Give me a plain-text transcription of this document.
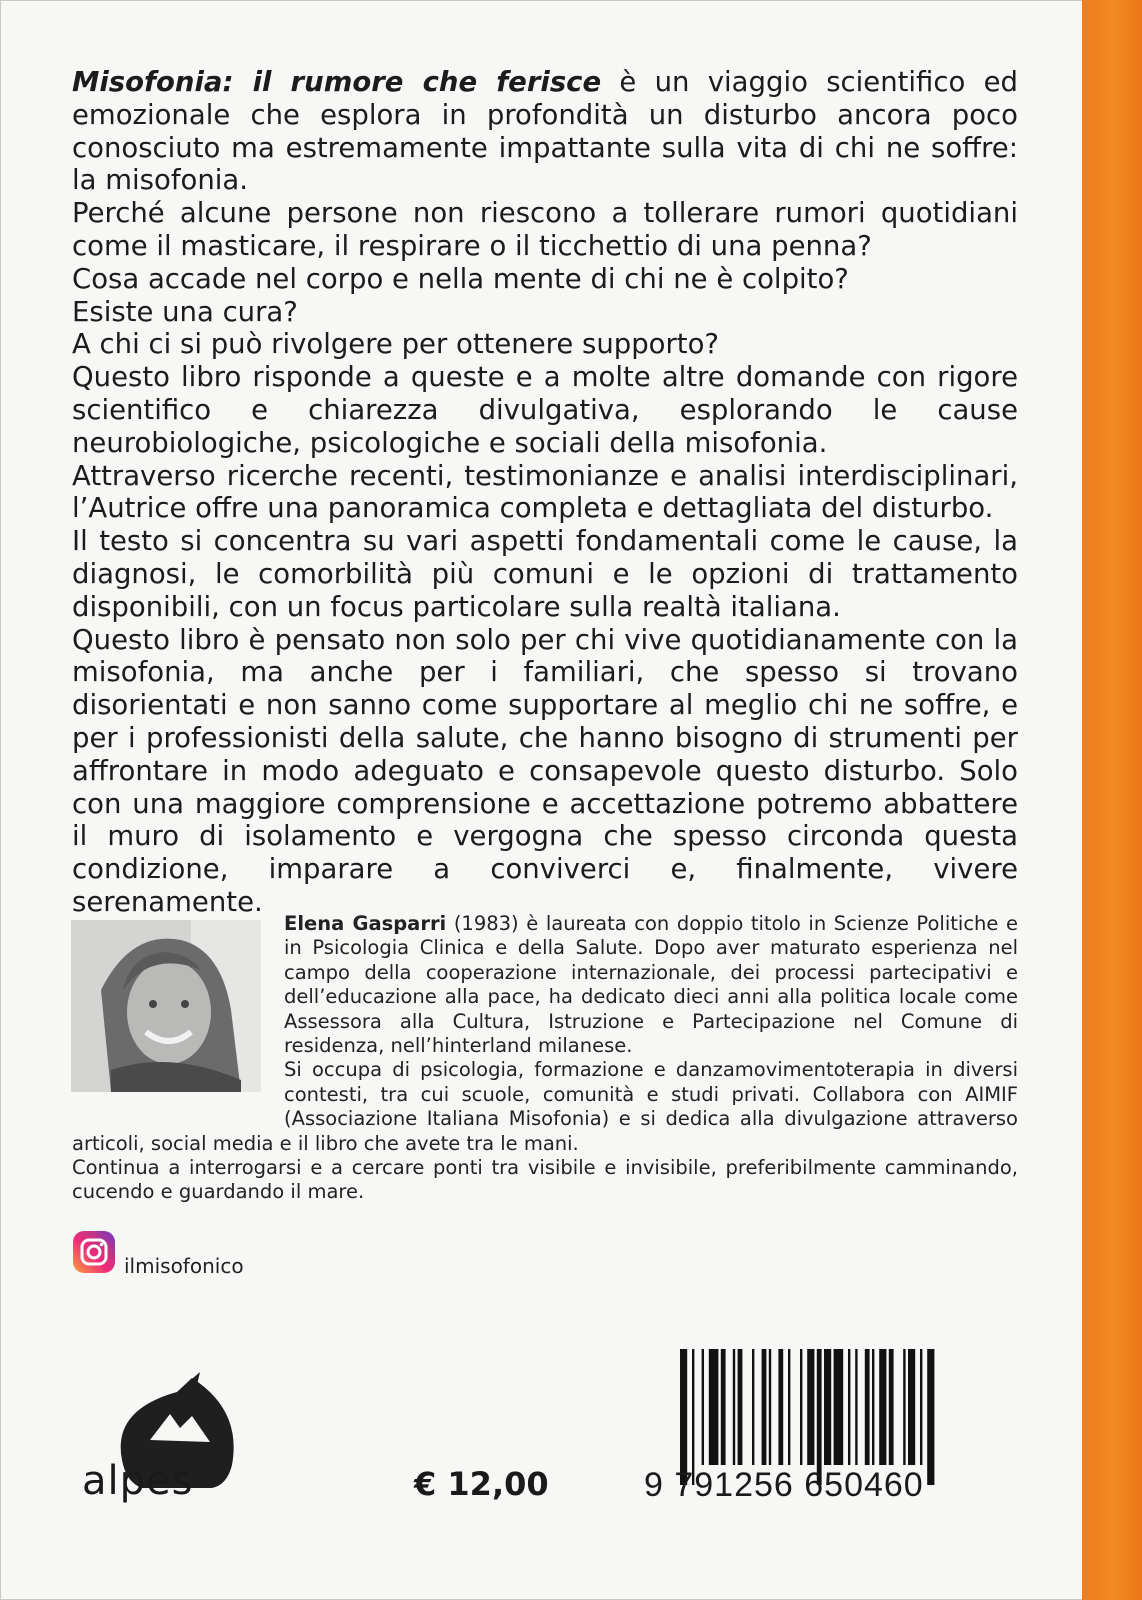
Misofonia: il rumore che ferisce è un viaggio scientifico ed emozionale che esplora in profondità un disturbo ancora poco conosciuto ma estremamente impattante sulla vita di chi ne soffre: la misofonia.

Perché alcune persone non riescono a tollerare rumori quotidiani come il masticare, il respirare o il ticchettio di una penna?

Cosa accade nel corpo e nella mente di chi ne è colpito?

Esiste una cura?

A chi ci si può rivolgere per ottenere supporto?

Questo libro risponde a queste e a molte altre domande con rigore scientifico e chiarezza divulgativa, esplorando le cause neurobiologiche, psicologiche e sociali della misofonia.

Attraverso ricerche recenti, testimonianze e analisi interdisciplinari, l’Autrice offre una panoramica completa e dettagliata del disturbo.

Il testo si concentra su vari aspetti fondamentali come le cause, la diagnosi, le comorbilità più comuni e le opzioni di trattamento disponibili, con un focus particolare sulla realtà italiana.

Questo libro è pensato non solo per chi vive quotidianamente con la misofonia, ma anche per i familiari, che spesso si trovano disorientati e non sanno come supportare al meglio chi ne soffre, e per i professionisti della salute, che hanno bisogno di strumenti per affrontare in modo adeguato e consapevole questo disturbo. Solo con una maggiore comprensione e accettazione potremo abbattere il muro di isolamento e vergogna che spesso circonda questa condizione, imparare a conviverci e, finalmente, vivere serenamente.

Elena Gasparri (1983) è laureata con doppio titolo in Scienze Politiche e in Psicologia Clinica e della Salute. Dopo aver maturato esperienza nel campo della cooperazione internazionale, dei processi partecipativi e dell’educazione alla pace, ha dedicato dieci anni alla politica locale come Assessora alla Cultura, Istruzione e Partecipazione nel Comune di residenza, nell’hinterland milanese.

Si occupa di psicologia, formazione e danzamovimentoterapia in diversi contesti, tra cui scuole, comunità e studi privati. Collabora con AIMIF (Associazione Italiana Misofonia) e si dedica alla divulgazione attraverso articoli, social media e il libro che avete tra le mani.

Continua a interrogarsi e a cercare ponti tra visibile e invisibile, preferibilmente camminando, cucendo e guardando il mare.

ilmisofonico
alpes	€ 12,00	9 791256 650460
